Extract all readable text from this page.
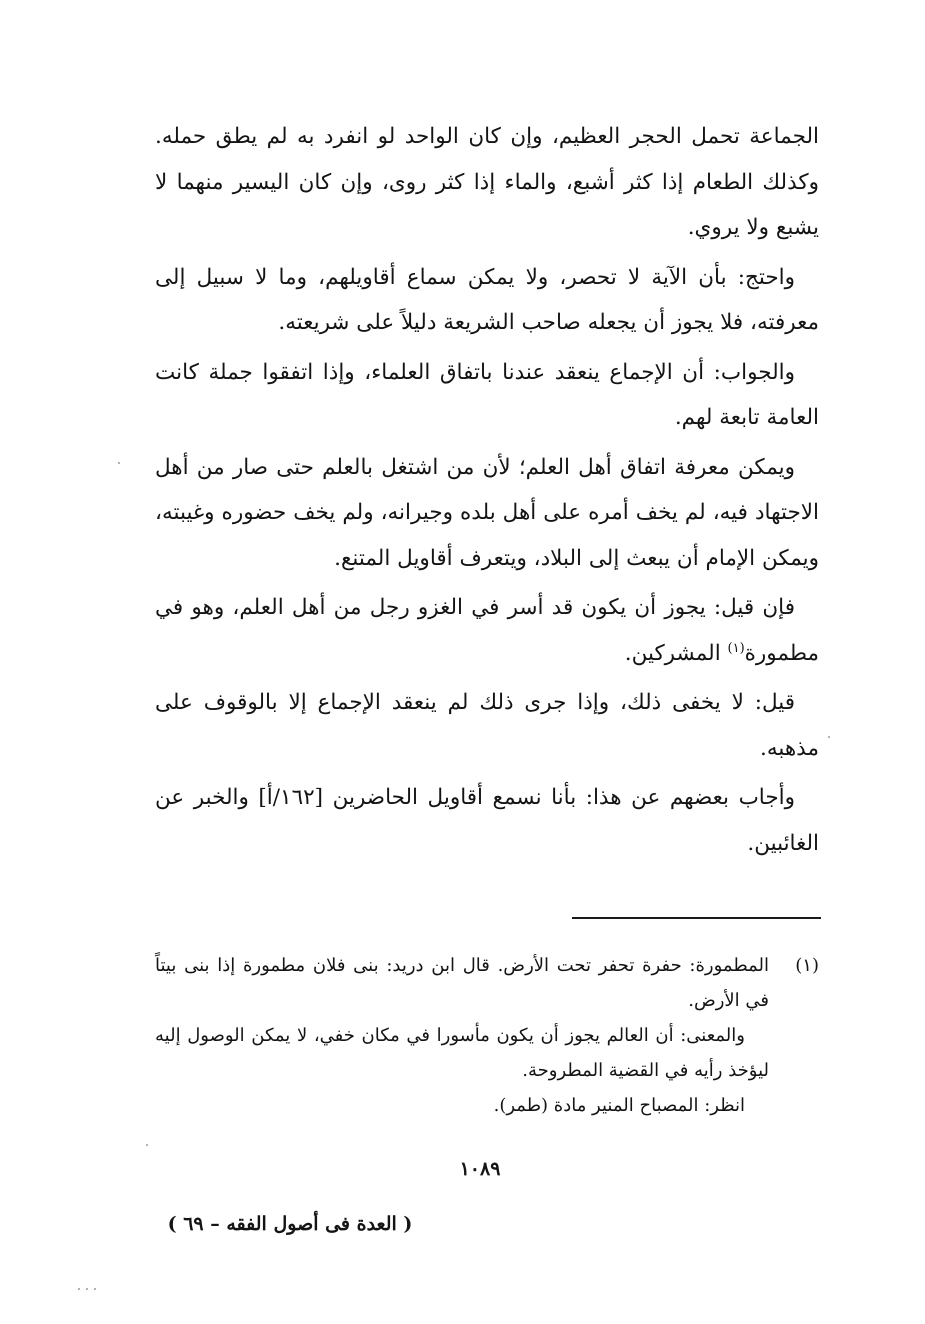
الجماعة تحمل الحجر العظيم، وإن كان الواحد لو انفرد به لم يطق حمله. وكذلك الطعام إذا كثر أشبع، والماء إذا كثر روى، وإن كان اليسير منهما لا يشبع ولا يروي.

واحتج: بأن الآية لا تحصر، ولا يمكن سماع أقاويلهم، وما لا سبيل إلى معرفته، فلا يجوز أن يجعله صاحب الشريعة دليلاً على شريعته.

والجواب: أن الإجماع ينعقد عندنا باتفاق العلماء، وإذا اتفقوا جملة كانت العامة تابعة لهم.

ويمكن معرفة اتفاق أهل العلم؛ لأن من اشتغل بالعلم حتى صار من أهل الاجتهاد فيه، لم يخف أمره على أهل بلده وجيرانه، ولم يخف حضوره وغيبته، ويمكن الإمام أن يبعث إلى البلاد، ويتعرف أقاويل المتنع.

فإن قيل: يجوز أن يكون قد أسر في الغزو رجل من أهل العلم، وهو في مطمورة$^{(١)}$ المشركين.

قيل: لا يخفى ذلك، وإذا جرى ذلك لم ينعقد الإجماع إلا بالوقوف على مذهبه.

وأجاب بعضهم عن هذا: بأنا نسمع أقاويل الحاضرين [١٦٢/أ] والخبر عن الغائبين.

(١)

المطمورة: حفرة تحفر تحت الأرض. قال ابن دريد: بنى فلان مطمورة إذا بنى بيتاً في الأرض.

والمعنى: أن العالم يجوز أن يكون مأسورا في مكان خفي، لا يمكن الوصول إليه ليؤخذ رأيه في القضية المطروحة.

انظر: المصباح المنير مادة (طمر).

١٠٨٩
( العدة فى أصول الفقه – ٦٩ )
